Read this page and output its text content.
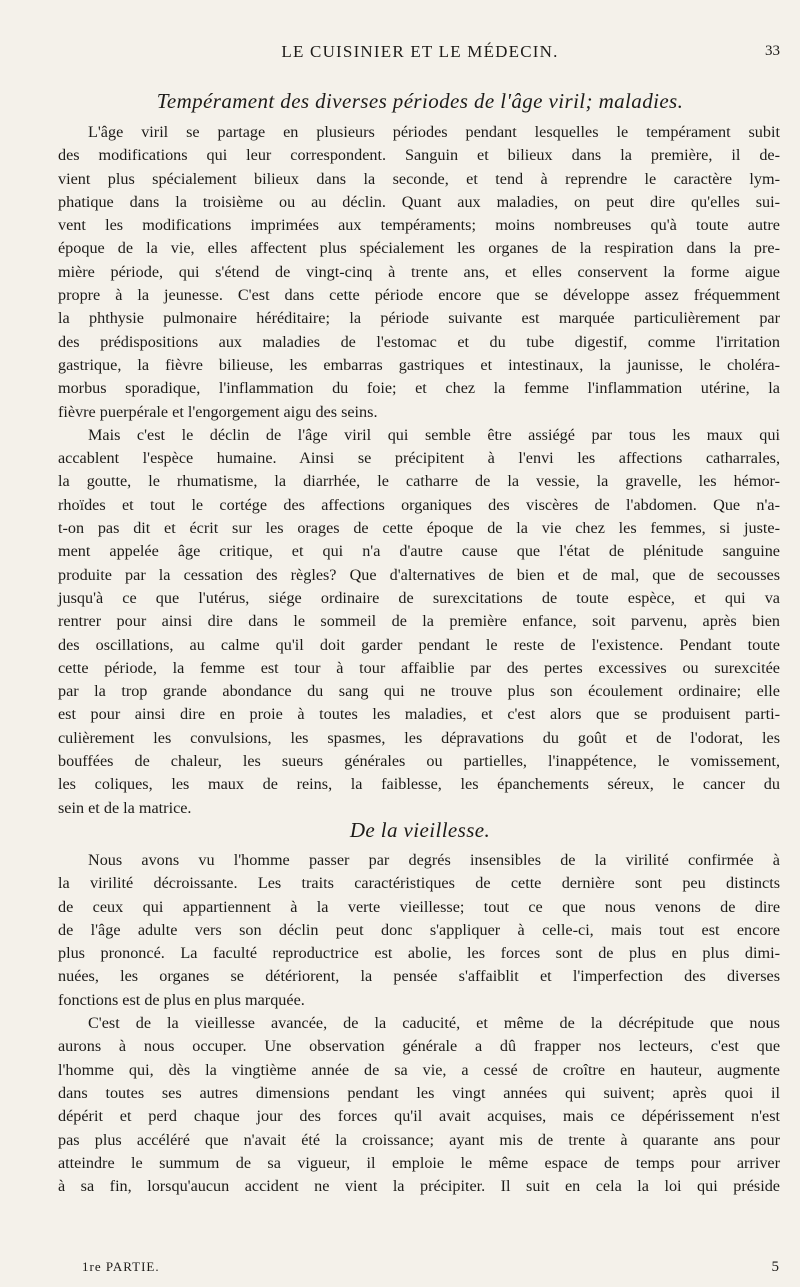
LE CUISINIER ET LE MÉDECIN.	33
Tempérament des diverses périodes de l'âge viril; maladies.
L'âge viril se partage en plusieurs périodes pendant lesquelles le tempérament subit
des modifications qui leur correspondent. Sanguin et bilieux dans la première, il de-
vient plus spécialement bilieux dans la seconde, et tend à reprendre le caractère lym-
phatique dans la troisième ou au déclin. Quant aux maladies, on peut dire qu'elles sui-
vent les modifications imprimées aux tempéraments; moins nombreuses qu'à toute autre
époque de la vie, elles affectent plus spécialement les organes de la respiration dans la pre-
mière période, qui s'étend de vingt-cinq à trente ans, et elles conservent la forme aigue
propre à la jeunesse. C'est dans cette période encore que se développe assez fréquemment
la phthysie pulmonaire héréditaire; la période suivante est marquée particulièrement par
des prédispositions aux maladies de l'estomac et du tube digestif, comme l'irritation
gastrique, la fièvre bilieuse, les embarras gastriques et intestinaux, la jaunisse, le choléra-
morbus sporadique, l'inflammation du foie; et chez la femme l'inflammation utérine, la
fièvre puerpérale et l'engorgement aigu des seins.
Mais c'est le déclin de l'âge viril qui semble être assiégé par tous les maux qui
accablent l'espèce humaine. Ainsi se précipitent à l'envi les affections catharrales,
la goutte, le rhumatisme, la diarrhée, le catharre de la vessie, la gravelle, les hémor-
rhoïdes et tout le cortége des affections organiques des viscères de l'abdomen. Que n'a-
t-on pas dit et écrit sur les orages de cette époque de la vie chez les femmes, si juste-
ment appelée âge critique, et qui n'a d'autre cause que l'état de plénitude sanguine
produite par la cessation des règles? Que d'alternatives de bien et de mal, que de secousses
jusqu'à ce que l'utérus, siége ordinaire de surexcitations de toute espèce, et qui va
rentrer pour ainsi dire dans le sommeil de la première enfance, soit parvenu, après bien
des oscillations, au calme qu'il doit garder pendant le reste de l'existence. Pendant toute
cette période, la femme est tour à tour affaiblie par des pertes excessives ou surexcitée
par la trop grande abondance du sang qui ne trouve plus son écoulement ordinaire; elle
est pour ainsi dire en proie à toutes les maladies, et c'est alors que se produisent parti-
culièrement les convulsions, les spasmes, les dépravations du goût et de l'odorat, les
bouffées de chaleur, les sueurs générales ou partielles, l'inappétence, le vomissement,
les coliques, les maux de reins, la faiblesse, les épanchements séreux, le cancer du
sein et de la matrice.
De la vieillesse.
Nous avons vu l'homme passer par degrés insensibles de la virilité confirmée à
la virilité décroissante. Les traits caractéristiques de cette dernière sont peu distincts
de ceux qui appartiennent à la verte vieillesse; tout ce que nous venons de dire
de l'âge adulte vers son déclin peut donc s'appliquer à celle-ci, mais tout est encore
plus prononcé. La faculté reproductrice est abolie, les forces sont de plus en plus dimi-
nuées, les organes se détériorent, la pensée s'affaiblit et l'imperfection des diverses
fonctions est de plus en plus marquée.
C'est de la vieillesse avancée, de la caducité, et même de la décrépitude que nous
aurons à nous occuper. Une observation générale a dû frapper nos lecteurs, c'est que
l'homme qui, dès la vingtième année de sa vie, a cessé de croître en hauteur, augmente
dans toutes ses autres dimensions pendant les vingt années qui suivent; après quoi il
dépérit et perd chaque jour des forces qu'il avait acquises, mais ce dépérissement n'est
pas plus accéléré que n'avait été la croissance; ayant mis de trente à quarante ans pour
atteindre le summum de sa vigueur, il emploie le même espace de temps pour arriver
à sa fin, lorsqu'aucun accident ne vient la précipiter. Il suit en cela la loi qui préside
1re PARTIE.	5
